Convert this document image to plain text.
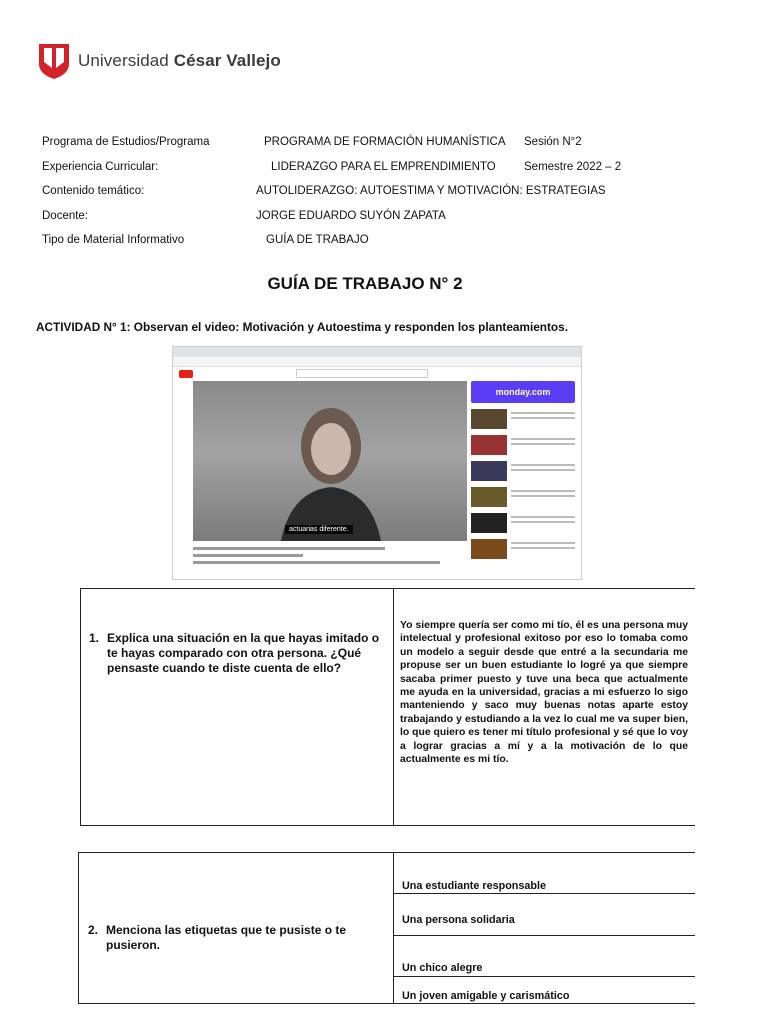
Universidad César Vallejo
Programa de Estudios/Programa	PROGRAMA DE FORMACIÓN HUMANÍSTICA Sesión N°2
Experiencia Curricular:	LIDERAZGO PARA EL EMPRENDIMIENTO Semestre 2022 – 2
Contenido temático:	AUTOLIDERAZGO: AUTOESTIMA Y MOTIVACIÓN: ESTRATEGIAS
Docente:	JORGE EDUARDO SUYÓN ZAPATA
Tipo de Material Informativo	GUÍA DE TRABAJO
GUÍA DE TRABAJO N° 2
ACTIVIDAD N° 1: Observan el video: Motivación y Autoestima y responden los planteamientos.
actuarias diferente.
monday.com
1. Explica una situación en la que hayas imitado o te hayas comparado con otra persona. ¿Qué pensaste cuando te diste cuenta de ello?
Yo siempre quería ser como mi tío, él es una persona muy intelectual y profesional exitoso por eso lo tomaba como un modelo a seguir desde que entré a la secundaria me propuse ser un buen estudiante lo logré ya que siempre sacaba primer puesto y tuve una beca que actualmente me ayuda en la universidad, gracias a mi esfuerzo lo sigo manteniendo y saco muy buenas notas aparte estoy trabajando y estudiando a la vez lo cual me va super bien, lo que quiero es tener mi título profesional y sé que lo voy a lograr gracias a mí y a la motivación de lo que actualmente es mi tío.
2. Menciona las etiquetas que te pusiste o te pusieron.
Una estudiante responsable
Una persona solidaria
Un chico alegre
Un joven amigable y carismático
